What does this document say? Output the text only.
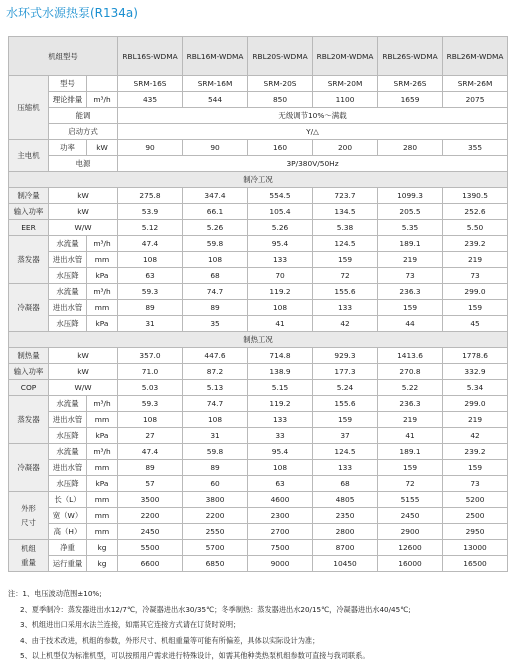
水环式水源热泵(R134a)
机组型号			RBL16S-WDMA	RBL16M-WDMA	RBL20S-WDMA	RBL20M-WDMA	RBL26S-WDMA	RBL26M-WDMA
压缩机	型号		SRM-16S	SRM-16M	SRM-20S	SRM-20M	SRM-26S	SRM-26M
	理论排量	m³/h	435	544	850	1100	1659	2075
	能调		无级调节10%～满载					
	启动方式		Y/△					
主电机	功率	kW	90	90	160	200	280	355
	电源		3P/380V/50Hz					
制冷工况								
制冷量	kW		275.8	347.4	554.5	723.7	1099.3	1390.5
输入功率	kW		53.9	66.1	105.4	134.5	205.5	252.6
EER	W/W		5.12	5.26	5.26	5.38	5.35	5.50
蒸发器	水流量	m³/h	47.4	59.8	95.4	124.5	189.1	239.2
	进出水管	mm	108	108	133	159	219	219
	水压降	kPa	63	68	70	72	73	73
冷凝器	水流量	m³/h	59.3	74.7	119.2	155.6	236.3	299.0
	进出水管	mm	89	89	108	133	159	159
	水压降	kPa	31	35	41	42	44	45
制热工况								
制热量	kW		357.0	447.6	714.8	929.3	1413.6	1778.6
输入功率	kW		71.0	87.2	138.9	177.3	270.8	332.9
COP	W/W		5.03	5.13	5.15	5.24	5.22	5.34
蒸发器	水流量	m³/h	59.3	74.7	119.2	155.6	236.3	299.0
	进出水管	mm	108	108	133	159	219	219
	水压降	kPa	27	31	33	37	41	42
冷凝器	水流量	m³/h	47.4	59.8	95.4	124.5	189.1	239.2
	进出水管	mm	89	89	108	133	159	159
	水压降	kPa	57	60	63	68	72	73
外形尺寸	长（L）	mm	3500	3800	4600	4805	5155	5200
	宽（W）	mm	2200	2200	2300	2350	2450	2500
	高（H）	mm	2450	2550	2700	2800	2900	2950
机组重量	净重	kg	5500	5700	7500	8700	12600	13000
	运行重量	kg	6600	6850	9000	10450	16000	16500
注：1、电压波动范围±10%;
2、夏季制冷：蒸发器进出水12/7℃，冷凝器进出水30/35℃；冬季制热：蒸发器进出水20/15℃，冷凝器进出水40/45℃;
3、机组进出口采用水法兰连接，如需其它连接方式请在订货时说明；
4、由于技术改进，机组的参数，外形尺寸、机组重量等可能有所偏差，具体以实际设计为准；
5、以上机型仅为标准机型，可以按照用户需求进行特殊设计，如需其他种类热泵机组参数可直接与我司联系。
